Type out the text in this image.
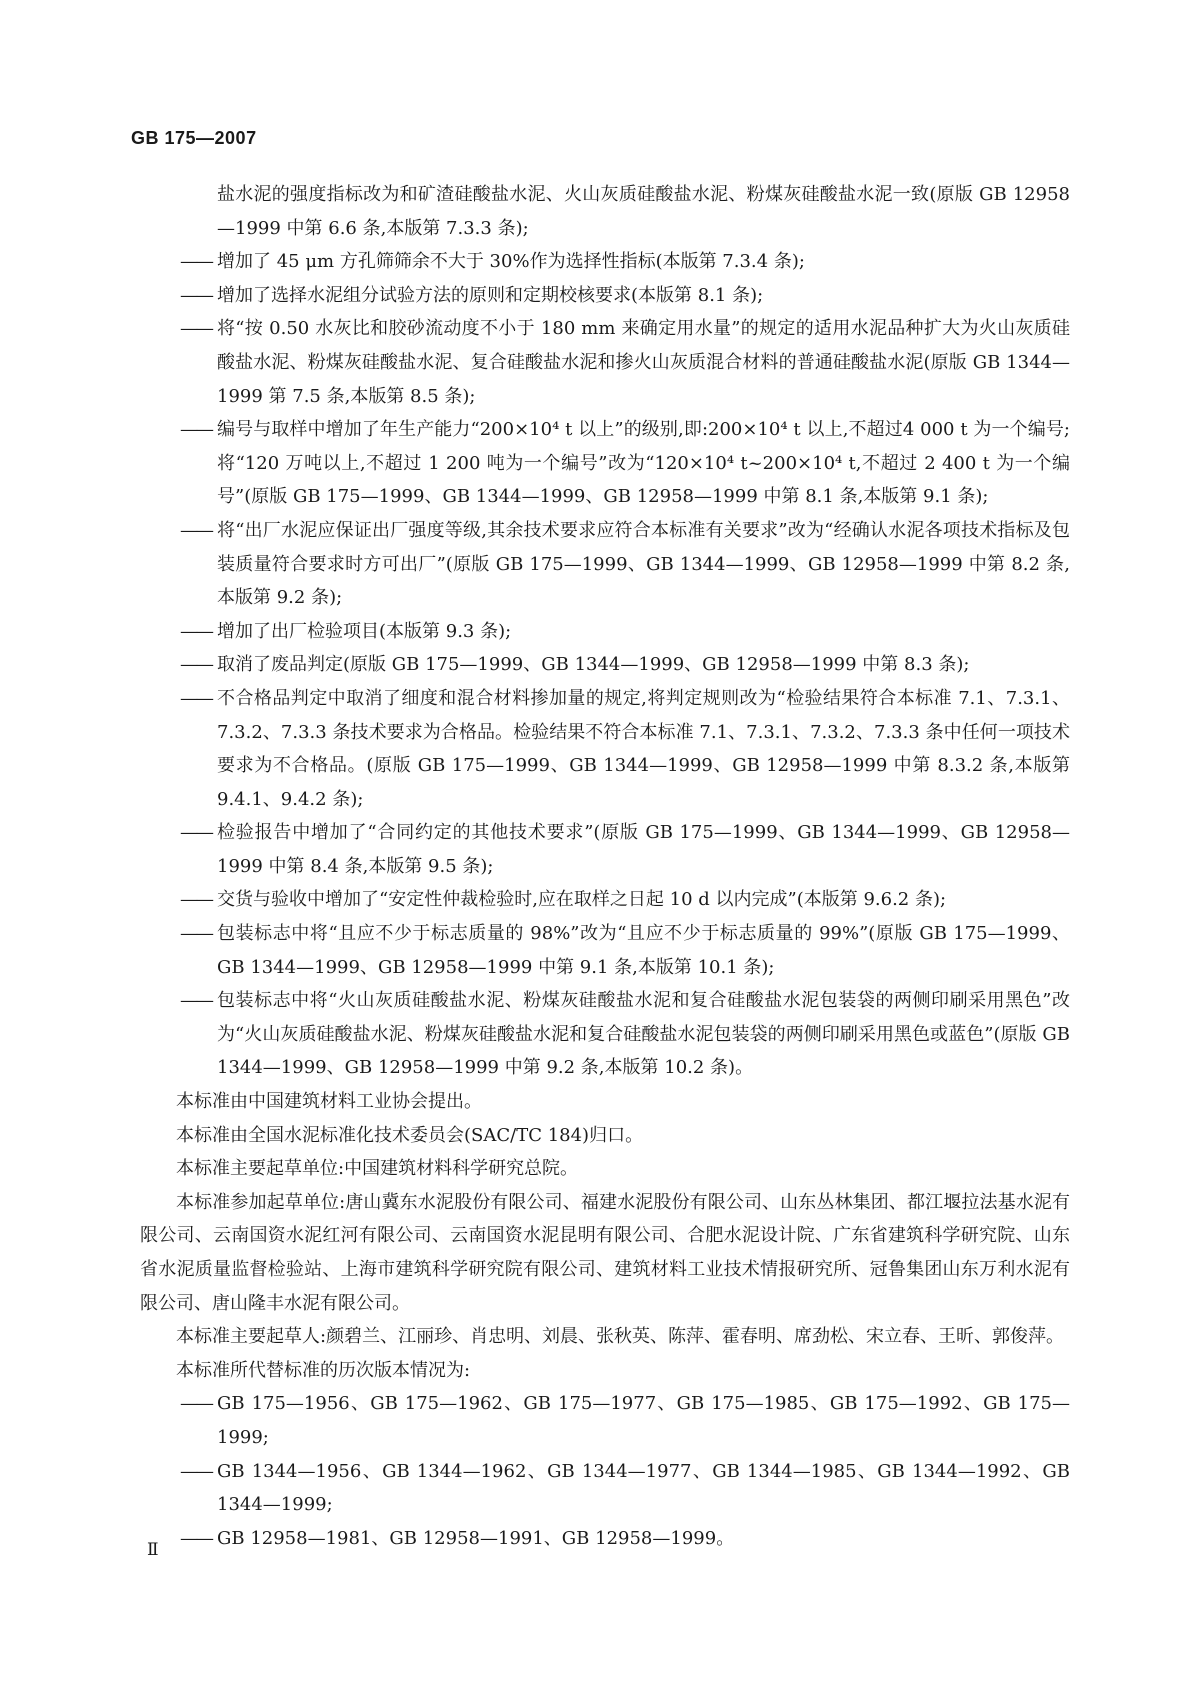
GB 175—2007
盐水泥的强度指标改为和矿渣硅酸盐水泥、火山灰质硅酸盐水泥、粉煤灰硅酸盐水泥一致(原版 GB 12958—1999 中第 6.6 条,本版第 7.3.3 条);
—— 增加了 45 μm 方孔筛筛余不大于 30%作为选择性指标(本版第 7.3.4 条);
—— 增加了选择水泥组分试验方法的原则和定期校核要求(本版第 8.1 条);
—— 将“按 0.50 水灰比和胶砂流动度不小于 180 mm 来确定用水量”的规定的适用水泥品种扩大为火山灰质硅酸盐水泥、粉煤灰硅酸盐水泥、复合硅酸盐水泥和掺火山灰质混合材料的普通硅酸盐水泥(原版 GB 1344—1999 第 7.5 条,本版第 8.5 条);
—— 编号与取样中增加了年生产能力“200×10⁴ t 以上”的级别,即:200×10⁴ t 以上,不超过4 000 t 为一个编号;将“120 万吨以上,不超过 1 200 吨为一个编号”改为“120×10⁴ t~200×10⁴ t,不超过 2 400 t 为一个编号”(原版 GB 175—1999、GB 1344—1999、GB 12958—1999 中第 8.1 条,本版第 9.1 条);
—— 将“出厂水泥应保证出厂强度等级,其余技术要求应符合本标准有关要求”改为“经确认水泥各项技术指标及包装质量符合要求时方可出厂”(原版 GB 175—1999、GB 1344—1999、GB 12958—1999 中第 8.2 条,本版第 9.2 条);
—— 增加了出厂检验项目(本版第 9.3 条);
—— 取消了废品判定(原版 GB 175—1999、GB 1344—1999、GB 12958—1999 中第 8.3 条);
—— 不合格品判定中取消了细度和混合材料掺加量的规定,将判定规则改为“检验结果符合本标准 7.1、7.3.1、7.3.2、7.3.3 条技术要求为合格品。检验结果不符合本标准 7.1、7.3.1、7.3.2、7.3.3 条中任何一项技术要求为不合格品。(原版 GB 175—1999、GB 1344—1999、GB 12958—1999 中第 8.3.2 条,本版第 9.4.1、9.4.2 条);
—— 检验报告中增加了“合同约定的其他技术要求”(原版 GB 175—1999、GB 1344—1999、GB 12958—1999 中第 8.4 条,本版第 9.5 条);
—— 交货与验收中增加了“安定性仲裁检验时,应在取样之日起 10 d 以内完成”(本版第 9.6.2 条);
—— 包装标志中将“且应不少于标志质量的 98%”改为“且应不少于标志质量的 99%”(原版 GB 175—1999、GB 1344—1999、GB 12958—1999 中第 9.1 条,本版第 10.1 条);
—— 包装标志中将“火山灰质硅酸盐水泥、粉煤灰硅酸盐水泥和复合硅酸盐水泥包装袋的两侧印刷采用黑色”改为“火山灰质硅酸盐水泥、粉煤灰硅酸盐水泥和复合硅酸盐水泥包装袋的两侧印刷采用黑色或蓝色”(原版 GB 1344—1999、GB 12958—1999 中第 9.2 条,本版第 10.2 条)。
本标准由中国建筑材料工业协会提出。
本标准由全国水泥标准化技术委员会(SAC/TC 184)归口。
本标准主要起草单位:中国建筑材料科学研究总院。
本标准参加起草单位:唐山冀东水泥股份有限公司、福建水泥股份有限公司、山东丛林集团、都江堰拉法基水泥有限公司、云南国资水泥红河有限公司、云南国资水泥昆明有限公司、合肥水泥设计院、广东省建筑科学研究院、山东省水泥质量监督检验站、上海市建筑科学研究院有限公司、建筑材料工业技术情报研究所、冠鲁集团山东万利水泥有限公司、唐山隆丰水泥有限公司。
本标准主要起草人:颜碧兰、江丽珍、肖忠明、刘晨、张秋英、陈萍、霍春明、席劲松、宋立春、王昕、郭俊萍。
本标准所代替标准的历次版本情况为:
—— GB 175—1956、GB 175—1962、GB 175—1977、GB 175—1985、GB 175—1992、GB 175—1999;
—— GB 1344—1956、GB 1344—1962、GB 1344—1977、GB 1344—1985、GB 1344—1992、GB 1344—1999;
—— GB 12958—1981、GB 12958—1991、GB 12958—1999。
Ⅱ
